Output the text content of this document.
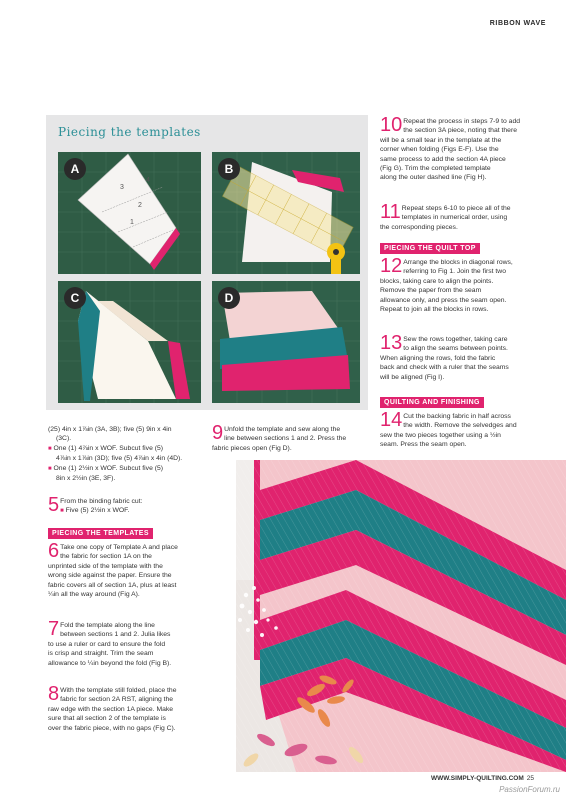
RIBBON WAVE
Piecing the templates
4
3
2
1
A	B
C	D
(25) 4in x 1⅞in (3A, 3B); five (5) 9in x 4in
(3C).
■ One (1) 4⅞in x WOF. Subcut five (5)
4⅞in x 1⅞in (3D); five (5) 4⅞in x 4in (4D).
■ One (1) 2½in x WOF. Subcut five (5)
8in x 2½in (3E, 3F).
5 From the binding fabric cut:
■ Five (5) 2½in x WOF.
PIECING THE TEMPLATES
6 Take one copy of Template A and place
the fabric for section 1A on the
unprinted side of the template with the
wrong side against the paper. Ensure the
fabric covers all of section 1A, plus at least
¼in all the way around (Fig A).
7 Fold the template along the line
between sections 1 and 2. Julia likes
to use a ruler or card to ensure the fold
is crisp and straight. Trim the seam
allowance to ¼in beyond the fold (Fig B).
8 With the template still folded, place the
fabric for section 2A RST, aligning the
raw edge with the section 1A piece. Make
sure that all section 2 of the template is
over the fabric piece, with no gaps (Fig C).
9 Unfold the template and sew along the
line between sections 1 and 2. Press the
fabric pieces open (Fig D).
10 Repeat the process in steps 7-9 to add
the section 3A piece, noting that there
will be a small tear in the template at the
corner when folding (Figs E-F). Use the
same process to add the section 4A piece
(Fig G). Trim the completed template
along the outer dashed line (Fig H).
11 Repeat steps 6-10 to piece all of the
templates in numerical order, using
the corresponding pieces.
PIECING THE QUILT TOP
12 Arrange the blocks in diagonal rows,
referring to Fig 1. Join the first two
blocks, taking care to align the points.
Remove the paper from the seam
allowance only, and press the seam open.
Repeat to join all the blocks in rows.
13 Sew the rows together, taking care
to align the seams between points.
When aligning the rows, fold the fabric
back and check with a ruler that the seams
will be aligned (Fig I).
QUILTING AND FINISHING
14 Cut the backing fabric in half across
the width. Remove the selvedges and
sew the two pieces together using a ½in
seam. Press the seam open.
WWW.SIMPLY-QUILTING.COM 25
PassionForum.ru
